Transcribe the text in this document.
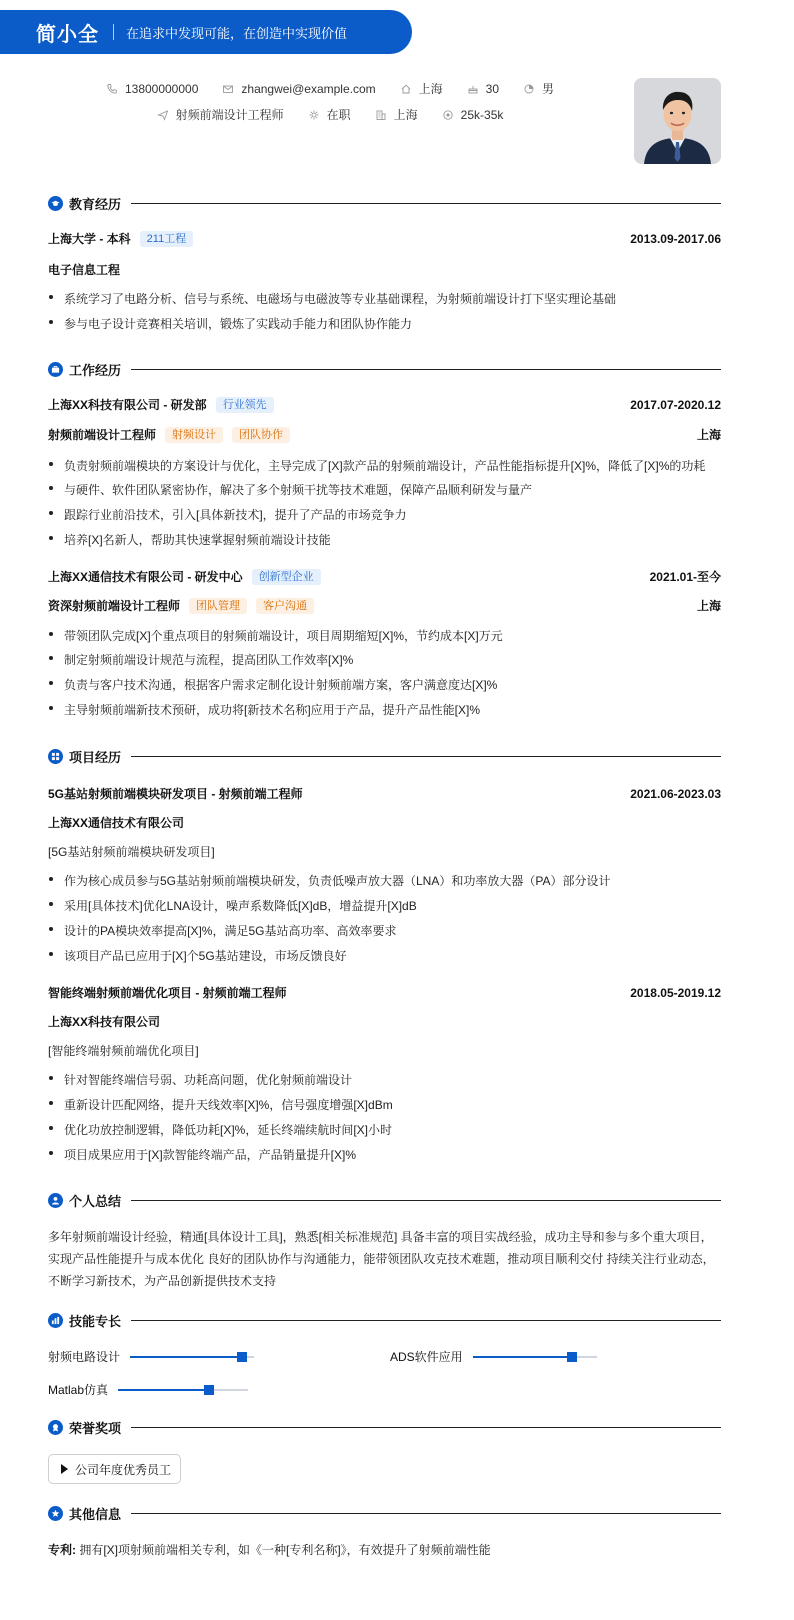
简小全 在追求中发现可能，在创造中实现价值
13800000000	zhangwei@example.com	上海	30	男
射频前端设计工程师	在职	上海	25k-35k
教育经历
上海大学 - 本科	211工程	2013.09-2017.06
电子信息工程
系统学习了电路分析、信号与系统、电磁场与电磁波等专业基础课程，为射频前端设计打下坚实理论基础
参与电子设计竞赛相关培训，锻炼了实践动手能力和团队协作能力
工作经历
上海XX科技有限公司 - 研发部	行业领先	2017.07-2020.12
射频前端设计工程师	射频设计	团队协作	上海
负责射频前端模块的方案设计与优化，主导完成了[X]款产品的射频前端设计，产品性能指标提升[X]%，降低了[X]%的功耗
与硬件、软件团队紧密协作，解决了多个射频干扰等技术难题，保障产品顺利研发与量产
跟踪行业前沿技术，引入[具体新技术]，提升了产品的市场竞争力
培养[X]名新人，帮助其快速掌握射频前端设计技能
上海XX通信技术有限公司 - 研发中心	创新型企业	2021.01-至今
资深射频前端设计工程师	团队管理	客户沟通	上海
带领团队完成[X]个重点项目的射频前端设计，项目周期缩短[X]%，节约成本[X]万元
制定射频前端设计规范与流程，提高团队工作效率[X]%
负责与客户技术沟通，根据客户需求定制化设计射频前端方案，客户满意度达[X]%
主导射频前端新技术预研，成功将[新技术名称]应用于产品，提升产品性能[X]%
项目经历
5G基站射频前端模块研发项目 - 射频前端工程师	2021.06-2023.03
上海XX通信技术有限公司
[5G基站射频前端模块研发项目]
作为核心成员参与5G基站射频前端模块研发，负责低噪声放大器（LNA）和功率放大器（PA）部分设计
采用[具体技术]优化LNA设计，噪声系数降低[X]dB，增益提升[X]dB
设计的PA模块效率提高[X]%，满足5G基站高功率、高效率要求
该项目产品已应用于[X]个5G基站建设，市场反馈良好
智能终端射频前端优化项目 - 射频前端工程师	2018.05-2019.12
上海XX科技有限公司
[智能终端射频前端优化项目]
针对智能终端信号弱、功耗高问题，优化射频前端设计
重新设计匹配网络，提升天线效率[X]%，信号强度增强[X]dBm
优化功放控制逻辑，降低功耗[X]%，延长终端续航时间[X]小时
项目成果应用于[X]款智能终端产品，产品销量提升[X]%
个人总结
多年射频前端设计经验，精通[具体设计工具]，熟悉[相关标准规范] 具备丰富的项目实战经验，成功主导和参与多个重大项目，实现产品性能提升与成本优化 良好的团队协作与沟通能力，能带领团队攻克技术难题，推动项目顺利交付 持续关注行业动态，不断学习新技术，为产品创新提供技术支持
技能专长
射频电路设计	ADS软件应用
Matlab仿真
荣誉奖项
公司年度优秀员工
其他信息
专利: 拥有[X]项射频前端相关专利，如《一种[专利名称]》，有效提升了射频前端性能
